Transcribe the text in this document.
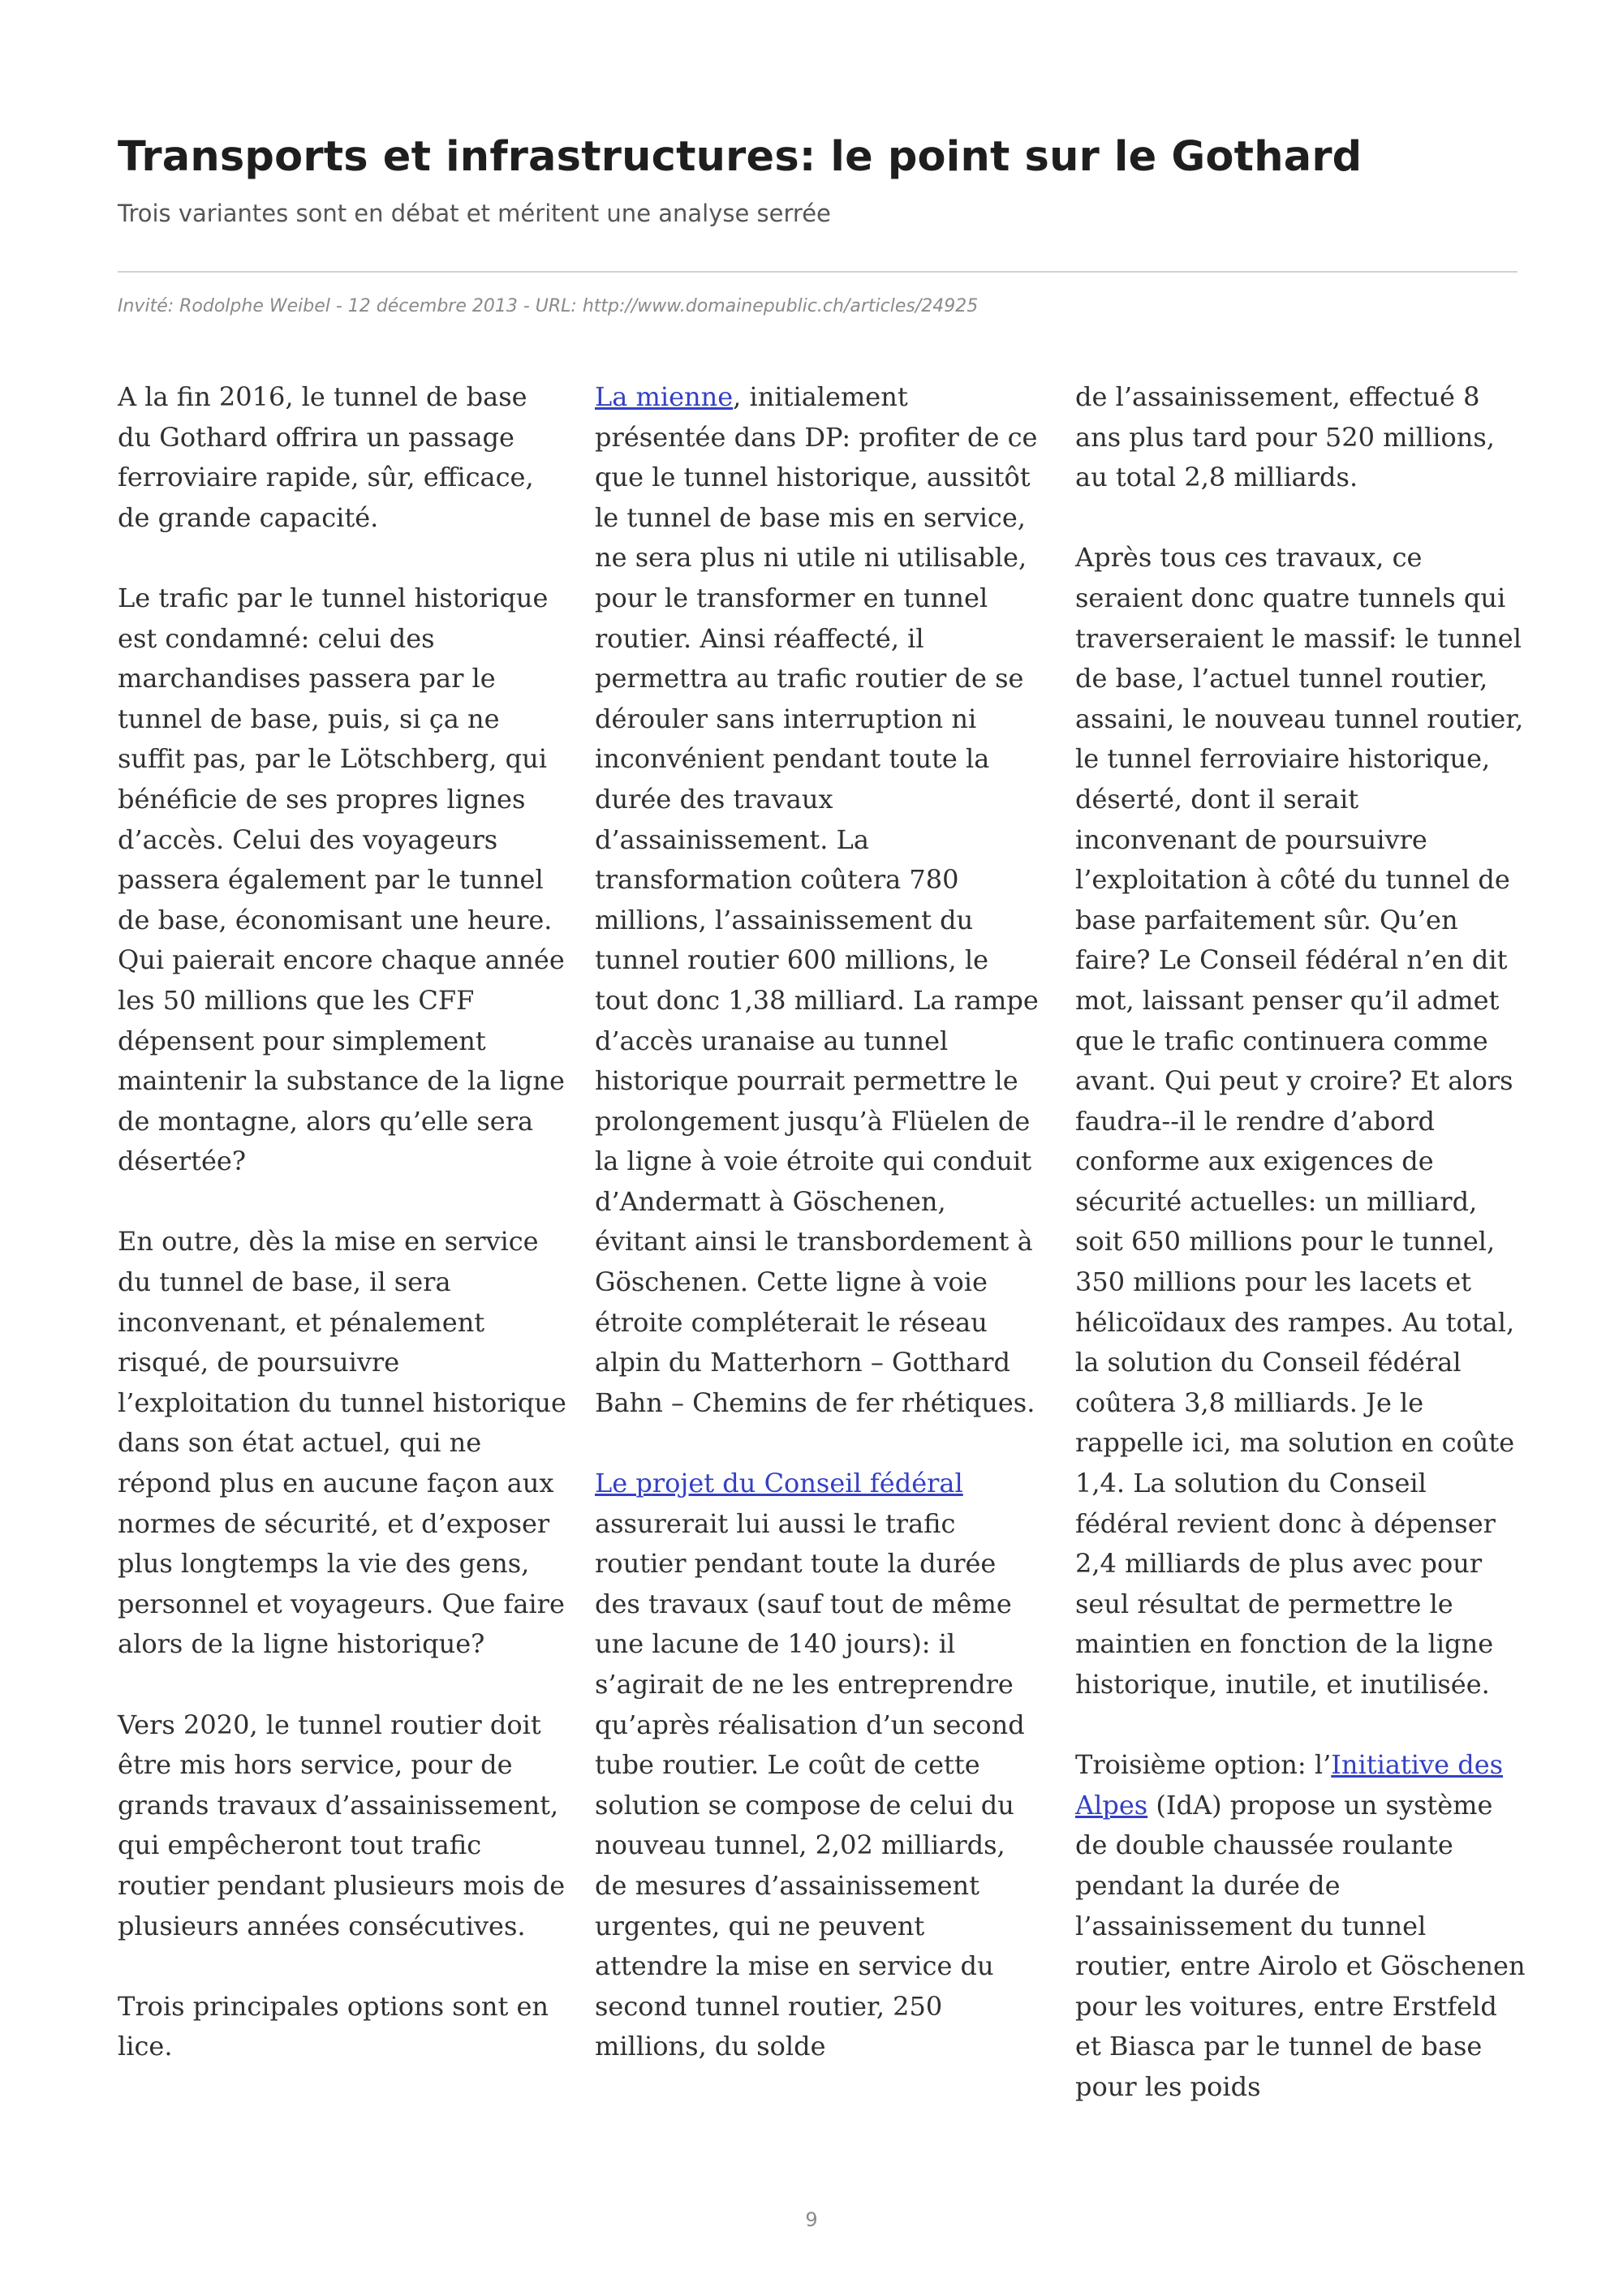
Transports et infrastructures: le point sur le Gothard
Trois variantes sont en débat et méritent une analyse serrée
Invité: Rodolphe Weibel - 12 décembre 2013 - URL: http://www.domainepublic.ch/articles/24925

A la fin 2016, le tunnel de base du Gothard offrira un passage ferroviaire rapide, sûr, efficace, de grande capacité.

Le trafic par le tunnel historique est condamné: celui des marchandises passera par le tunnel de base, puis, si ça ne suffit pas, par le Lötschberg, qui bénéficie de ses propres lignes d’accès. Celui des voyageurs passera également par le tunnel de base, économisant une heure. Qui paierait encore chaque année les 50 millions que les CFF dépensent pour simplement maintenir la substance de la ligne de montagne, alors qu’elle sera désertée?

En outre, dès la mise en service du tunnel de base, il sera inconvenant, et pénalement risqué, de poursuivre l’exploitation du tunnel historique dans son état actuel, qui ne répond plus en aucune façon aux normes de sécurité, et d’exposer plus longtemps la vie des gens, personnel et voyageurs. Que faire alors de la ligne historique?

Vers 2020, le tunnel routier doit être mis hors service, pour de grands travaux d’assainissement, qui empêcheront tout trafic routier pendant plusieurs mois de plusieurs années consécutives.

Trois principales options sont en lice.

La mienne, initialement présentée dans DP: profiter de ce que le tunnel historique, aussitôt le tunnel de base mis en service, ne sera plus ni utile ni utilisable, pour le transformer en tunnel routier. Ainsi réaffecté, il permettra au trafic routier de se dérouler sans interruption ni inconvénient pendant toute la durée des travaux d’assainissement. La transformation coûtera 780 millions, l’assainissement du tunnel routier 600 millions, le tout donc 1,38 milliard. La rampe d’accès uranaise au tunnel historique pourrait permettre le prolongement jusqu’à Flüelen de la ligne à voie étroite qui conduit d’Andermatt à Göschenen, évitant ainsi le transbordement à Göschenen. Cette ligne à voie étroite compléterait le réseau alpin du Matterhorn – Gotthard Bahn – Chemins de fer rhétiques.

Le projet du Conseil fédéral assurerait lui aussi le trafic routier pendant toute la durée des travaux (sauf tout de même une lacune de 140 jours): il s’agirait de ne les entreprendre qu’après réalisation d’un second tube routier. Le coût de cette solution se compose de celui du nouveau tunnel, 2,02 milliards, de mesures d’assainissement urgentes, qui ne peuvent attendre la mise en service du second tunnel routier, 250 millions, du solde

de l’assainissement, effectué 8 ans plus tard pour 520 millions, au total 2,8 milliards.

Après tous ces travaux, ce seraient donc quatre tunnels qui traverseraient le massif: le tunnel de base, l’actuel tunnel routier, assaini, le nouveau tunnel routier, le tunnel ferroviaire historique, déserté, dont il serait inconvenant de poursuivre l’exploitation à côté du tunnel de base parfaitement sûr. Qu’en faire? Le Conseil fédéral n’en dit mot, laissant penser qu’il admet que le trafic continuera comme avant. Qui peut y croire? Et alors faudra--il le rendre d’abord conforme aux exigences de sécurité actuelles: un milliard, soit 650 millions pour le tunnel, 350 millions pour les lacets et hélicoïdaux des rampes. Au total, la solution du Conseil fédéral coûtera 3,8 milliards. Je le rappelle ici, ma solution en coûte 1,4. La solution du Conseil fédéral revient donc à dépenser 2,4 milliards de plus avec pour seul résultat de permettre le maintien en fonction de la ligne historique, inutile, et inutilisée.

Troisième option: l’Initiative des Alpes (IdA) propose un système de double chaussée roulante pendant la durée de l’assainissement du tunnel routier, entre Airolo et Göschenen pour les voitures, entre Erstfeld et Biasca par le tunnel de base pour les poids

9
